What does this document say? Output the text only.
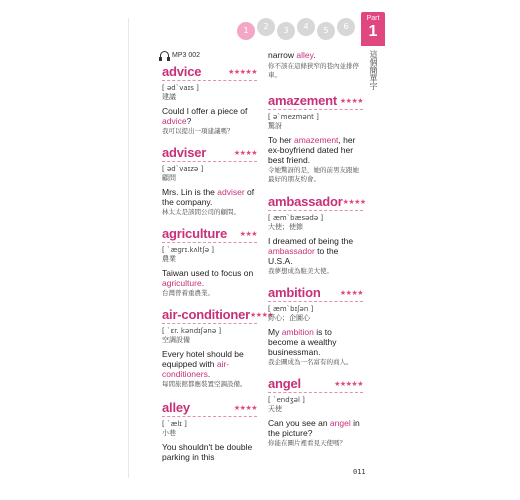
1	2	3	4	5	6
Part
1
這個簡單字
MP3 002	narrow alley.
你不該在這條狹窄的巷內並排停車。
advice	★★★★★
[ ədˋvaɪs ]
建議
Could I offer a piece of advice?
我可以提出一項建議嗎？
adviser	★★★★
[ ədˋvaɪzə ]
顧問
Mrs. Lin is the adviser of the company.
林太太是該間公司的顧問。
agriculture ★★★
[ ˋægrɪ.kʌltʃə ]
農業
Taiwan used to focus on agriculture.
台灣曾着重農業。
air-conditioner ★★★★
[ ˋɛr. kəndɪʃənə ]
空調設備
Every hotel should be equipped with air-conditioners.
每間旅館都應裝置空調設備。
alley	★★★★
[ ˋælɪ ]
小巷
You shouldn't be double parking in this
amazement ★★★★
[ əˋmezmənt ]
驚訝
To her amazement, her ex-boyfriend dated her best friend.
令她驚訝的是，她的前男友跟她最好的朋友約會。
ambassador ★★★★
[ æmˋbæsədə ]
大使；使節
I dreamed of being the ambassador to the U.S.A.
我夢想成為駐美大使。
ambition	★★★★
[ æmˋbɪʃən ]
野心；企圖心
My ambition is to become a wealthy businessman.
我企圖成為一名富有的商人。
angel	★★★★★
[ ˋendʒəl ]
天使
Can you see an angel in the picture?
你能在圖片裡看見天使嗎？
011
